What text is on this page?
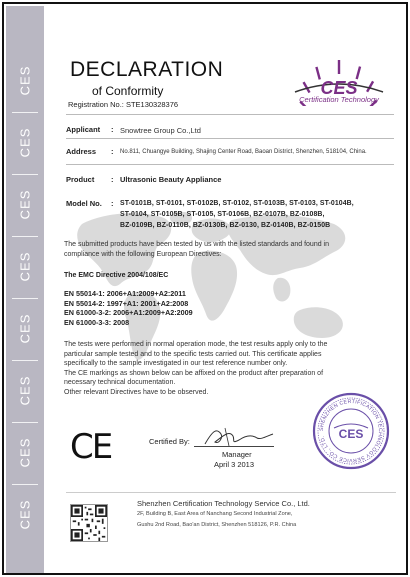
CES
CES
CES
CES
CES
CES
CES
CES
DECLARATION
of Conformity
Registration No.: STE130328376
CES
Certification Technology
Applicant : Snowtree Group Co.,Ltd
Address : No.811, Chuangye Building, Shajing Center Road, Baoan District, Shenzhen, 518104, China.
Product : Ultrasonic Beauty Appliance
Model No. : ST-0101B, ST-0101, ST-0102B, ST-0102, ST-0103B, ST-0103, ST-0104B,
ST-0104, ST-0105B, ST-0105, ST-0106B, BZ-0107B, BZ-0108B,
BZ-0109B, BZ-0110B, BZ-0130B, BZ-0130, BZ-0140B, BZ-0150B
The submitted products have been tested by us with the listed standards and found in
compliance with the following European Directives:
The EMC Directive 2004/108/EC
EN 55014-1: 2006+A1:2009+A2:2011
EN 55014-2: 1997+A1: 2001+A2:2008
EN 61000-3-2: 2006+A1:2009+A2:2009
EN 61000-3-3: 2008
The tests were performed in normal operation mode, the test results apply only to the
particular sample tested and to the specific tests carried out. This certificate applies
specifically to the sample investigated in our test reference number only.
The CE markings as shown below can be affixed on the product after preparation of
necessary technical documentation.
Other relevant Directives have to be observed.
CE	Certified By:
Manager
April 3 2013
SHENZHEN CERTIFICATION TECHNOLOGY SERVICE CO., LTD.	CES
Shenzhen Certification Technology Service Co., Ltd.
2F, Building B, East Area of Nanchang Second Industrial Zone,
Gushu 2nd Road, Bao'an District, Shenzhen 518126, P.R. China
